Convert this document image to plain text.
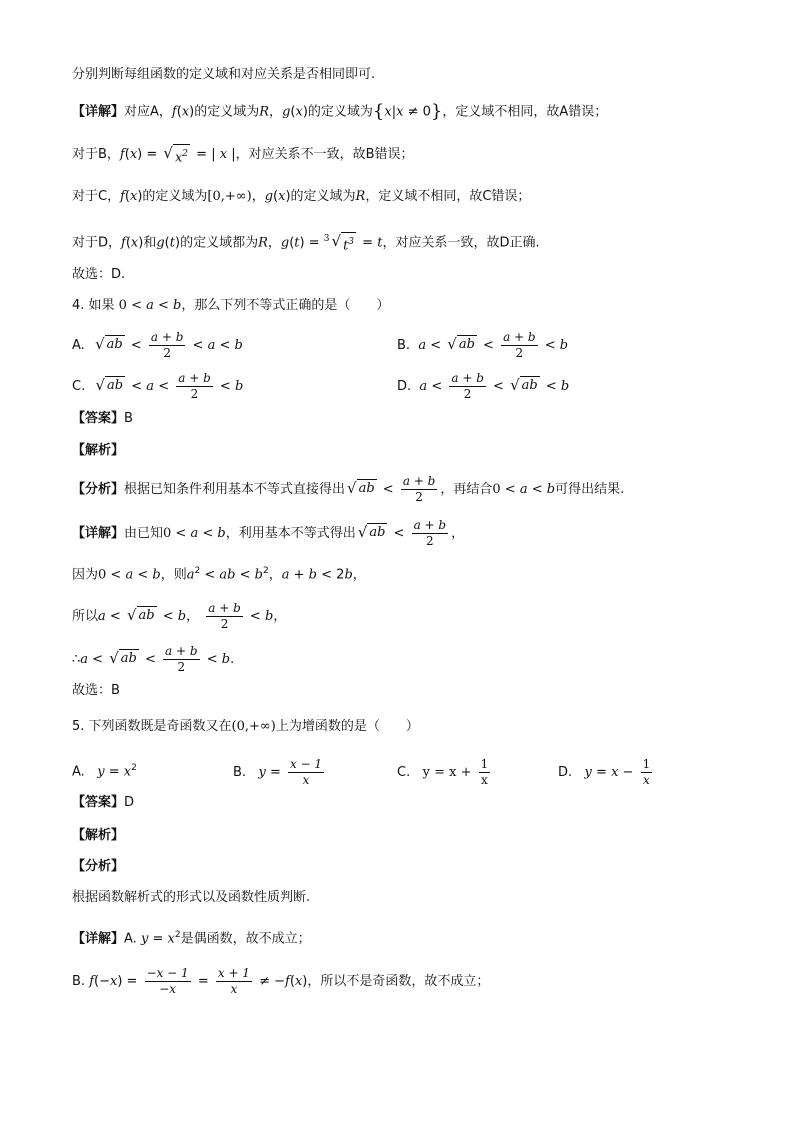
分别判断每组函数的定义域和对应关系是否相同即可.
【详解】对应A，f(x)的定义域为R，g(x)的定义域为{x|x ≠ 0}，定义域不相同，故A错误；
对于B，f(x) = √ $x^2$ = | x |，对应关系不一致，故B错误；
对于C，f(x)的定义域为[0,+∞)，g(x)的定义域为R，定义域不相同，故C错误；
对于D，f(x)和g(t)的定义域都为R，g(t) = $^3$ √ $t^3 = t$，对应关系一致，故D正确.
故选：D.
4. 如果 0 < a < b，那么下列不等式正确的是（　　）
A. √ ab < $\frac{a + b}{2} < a < b$	B.  a < √ ab < $\frac{a + b}{2} < b$
C. √ ab < $a < \frac{a + b}{2} < b$	D.  $a < \frac{a + b}{2}$ < √ ab < b
【答案】B
【解析】
【分析】根据已知条件利用基本不等式直接得出 √ ab < $\frac{a + b}{2}$ ，再结合0 < a < b可得出结果.
【详解】由已知0 < a < b，利用基本不等式得出 √ ab < $\frac{a + b}{2}$ ，
因为0 < a < b，则$a^2$ < ab < $b^2$，a + b < 2b，
所以a < √ ab < b， $\frac{a + b}{2} < b$，
∴a < √ ab < $\frac{a + b}{2} < b$.
故选：B
5. 下列函数既是奇函数又在(0,+∞)上为增函数的是（　　）
A.   $y = x^2$	B.   $y = \frac{x - 1}{x}$	C.   $y = x + \frac{1}{x}$	D.   $y = x - \frac{1}{x}$
【答案】D
【解析】
【分析】
根据函数解析式的形式以及函数性质判断.
【详解】A. $y = x^2$是偶函数，故不成立；
B. $f(-x) = \frac{-x - 1}{-x} = \frac{x + 1}{x} \ne -f(x)$，所以不是奇函数，故不成立；
